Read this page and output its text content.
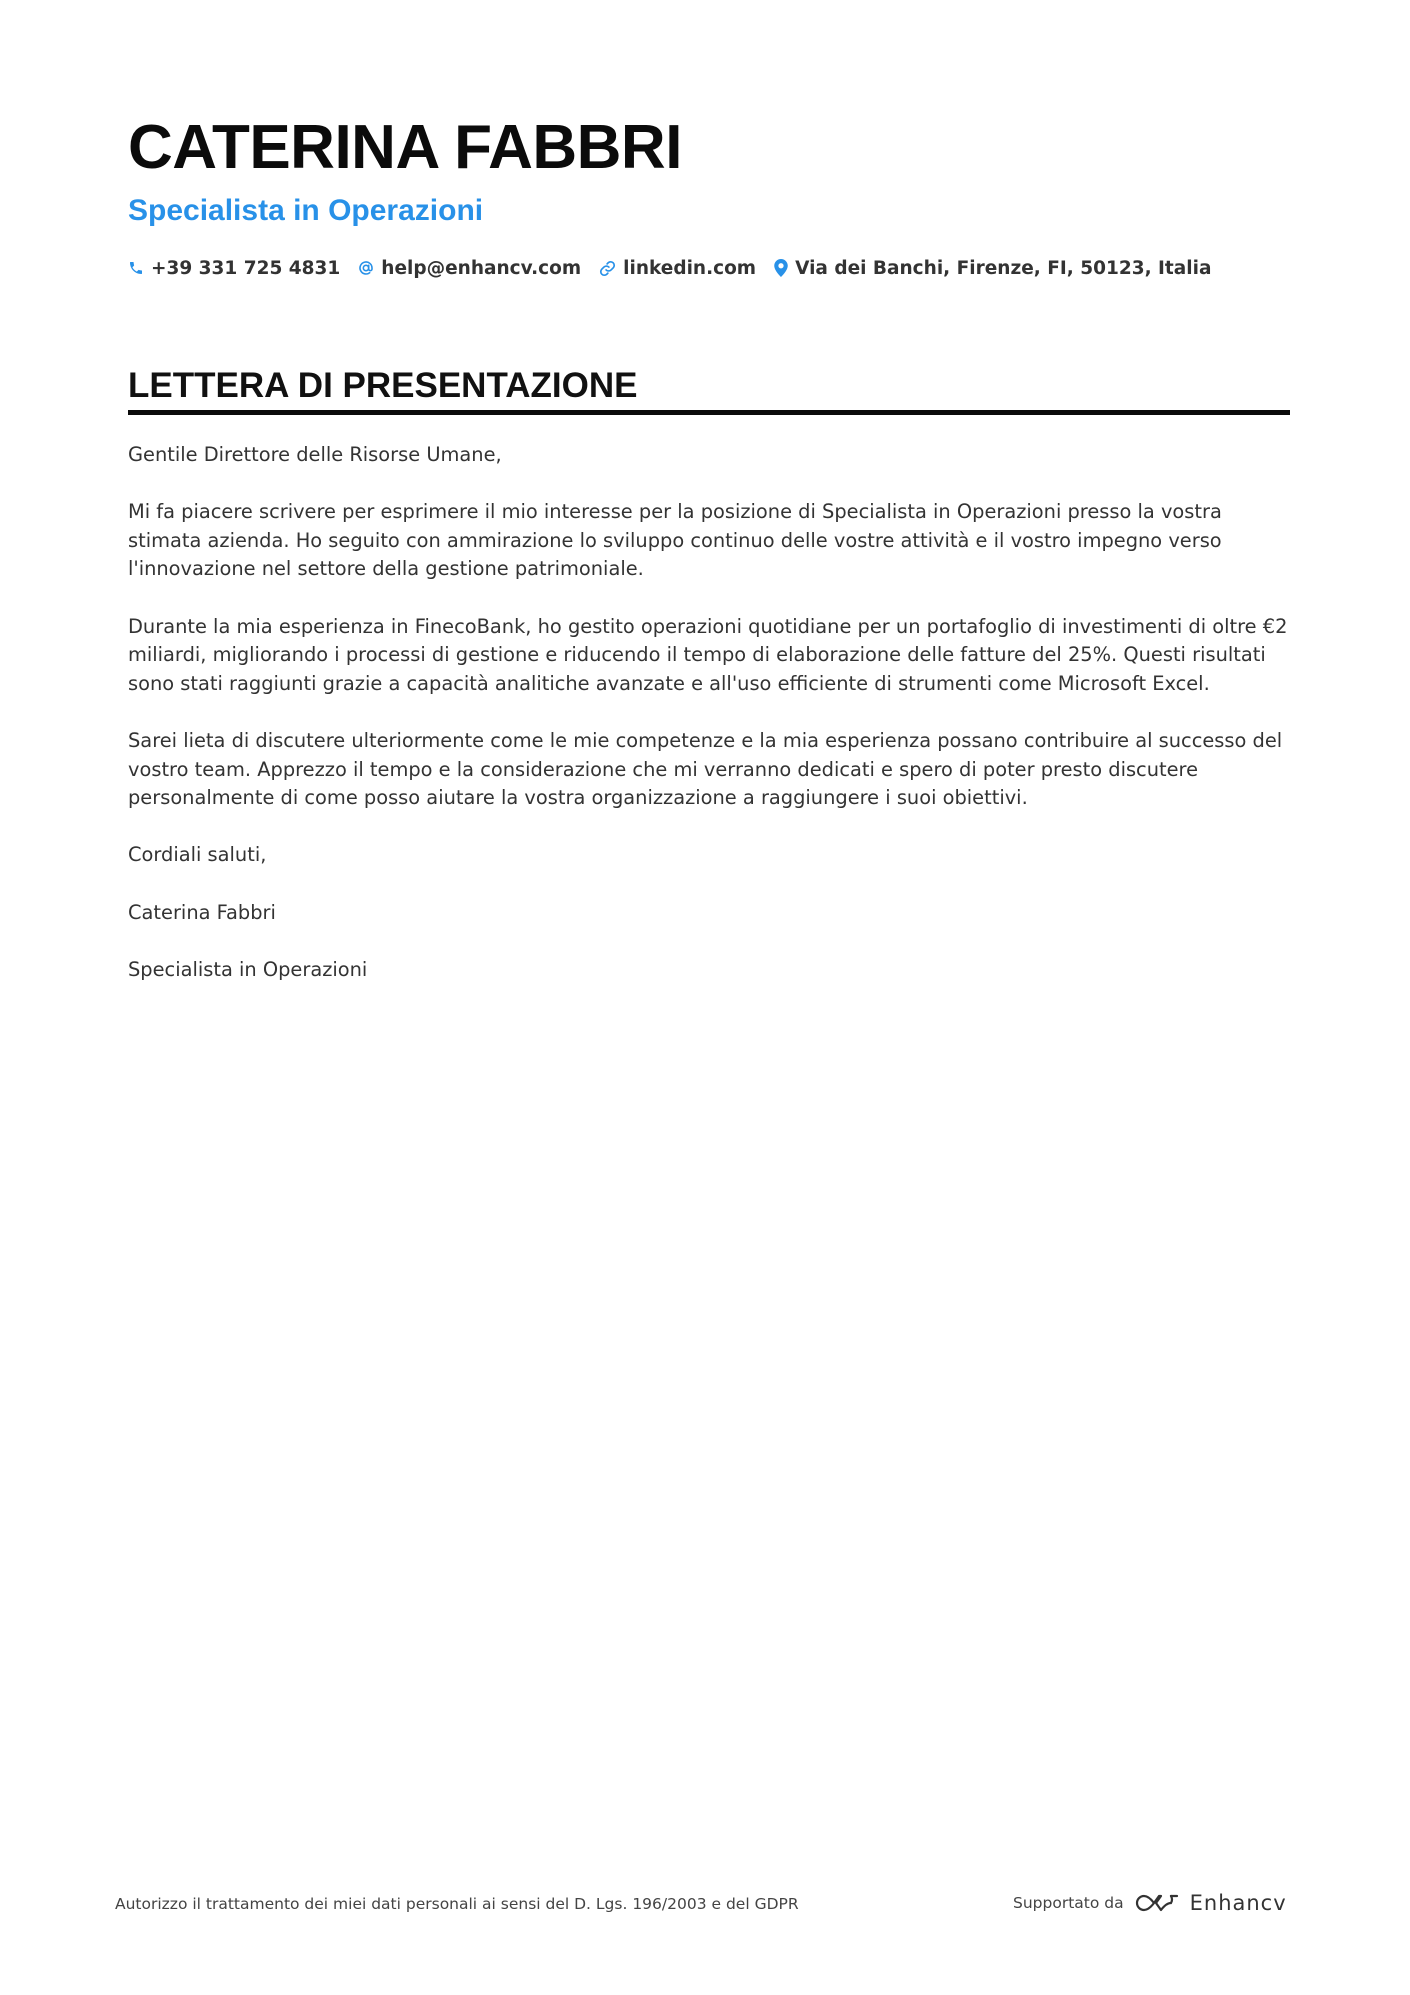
CATERINA FABBRI
Specialista in Operazioni
+39 331 725 4831 help@enhancv.com linkedin.com Via dei Banchi, Firenze, FI, 50123, Italia
LETTERA DI PRESENTAZIONE

Gentile Direttore delle Risorse Umane,

Mi fa piacere scrivere per esprimere il mio interesse per la posizione di Specialista in Operazioni presso la vostra stimata azienda. Ho seguito con ammirazione lo sviluppo continuo delle vostre attività e il vostro impegno verso l'innovazione nel settore della gestione patrimoniale.

Durante la mia esperienza in FinecoBank, ho gestito operazioni quotidiane per un portafoglio di investimenti di oltre €2 miliardi, migliorando i processi di gestione e riducendo il tempo di elaborazione delle fatture del 25%. Questi risultati sono stati raggiunti grazie a capacità analitiche avanzate e all'uso efficiente di strumenti come Microsoft Excel.

Sarei lieta di discutere ulteriormente come le mie competenze e la mia esperienza possano contribuire al successo del vostro team. Apprezzo il tempo e la considerazione che mi verranno dedicati e spero di poter presto discutere personalmente di come posso aiutare la vostra organizzazione a raggiungere i suoi obiettivi.

Cordiali saluti,

Caterina Fabbri

Specialista in Operazioni

Autorizzo il trattamento dei miei dati personali ai sensi del D. Lgs. 196/2003 e del GDPR	Supportato da	Enhancv
